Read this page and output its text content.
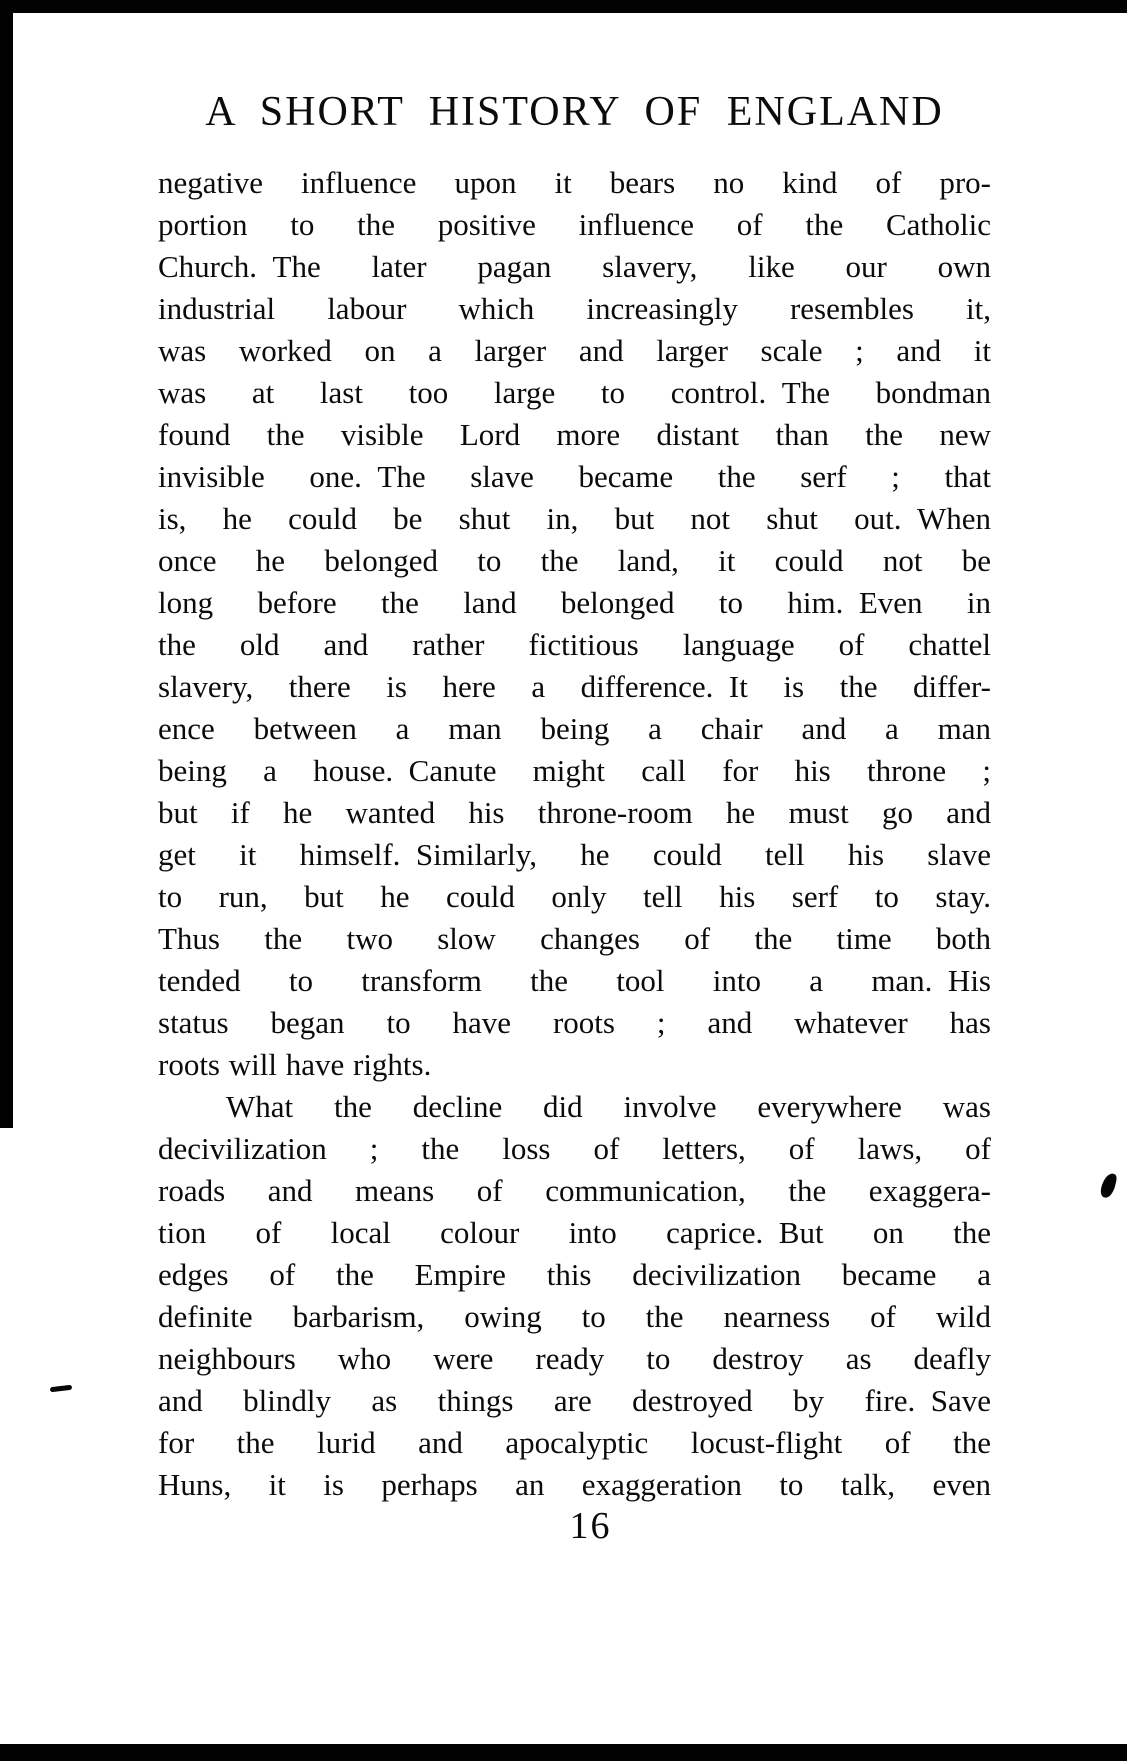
A SHORT HISTORY OF ENGLAND
negative influence upon it bears no kind of pro-
portion to the positive influence of the Catholic
Church. The later pagan slavery, like our own
industrial labour which increasingly resembles it,
was worked on a larger and larger scale ; and it
was at last too large to control. The bondman
found the visible Lord more distant than the new
invisible one. The slave became the serf ; that
is, he could be shut in, but not shut out. When
once he belonged to the land, it could not be
long before the land belonged to him. Even in
the old and rather fictitious language of chattel
slavery, there is here a difference. It is the differ-
ence between a man being a chair and a man
being a house. Canute might call for his throne ;
but if he wanted his throne-room he must go and
get it himself. Similarly, he could tell his slave
to run, but he could only tell his serf to stay.
Thus the two slow changes of the time both
tended to transform the tool into a man. His
status began to have roots ; and whatever has
roots will have rights.
What the decline did involve everywhere was
decivilization ; the loss of letters, of laws, of
roads and means of communication, the exaggera-
tion of local colour into caprice. But on the
edges of the Empire this decivilization became a
definite barbarism, owing to the nearness of wild
neighbours who were ready to destroy as deafly
and blindly as things are destroyed by fire. Save
for the lurid and apocalyptic locust-flight of the
Huns, it is perhaps an exaggeration to talk, even
16
